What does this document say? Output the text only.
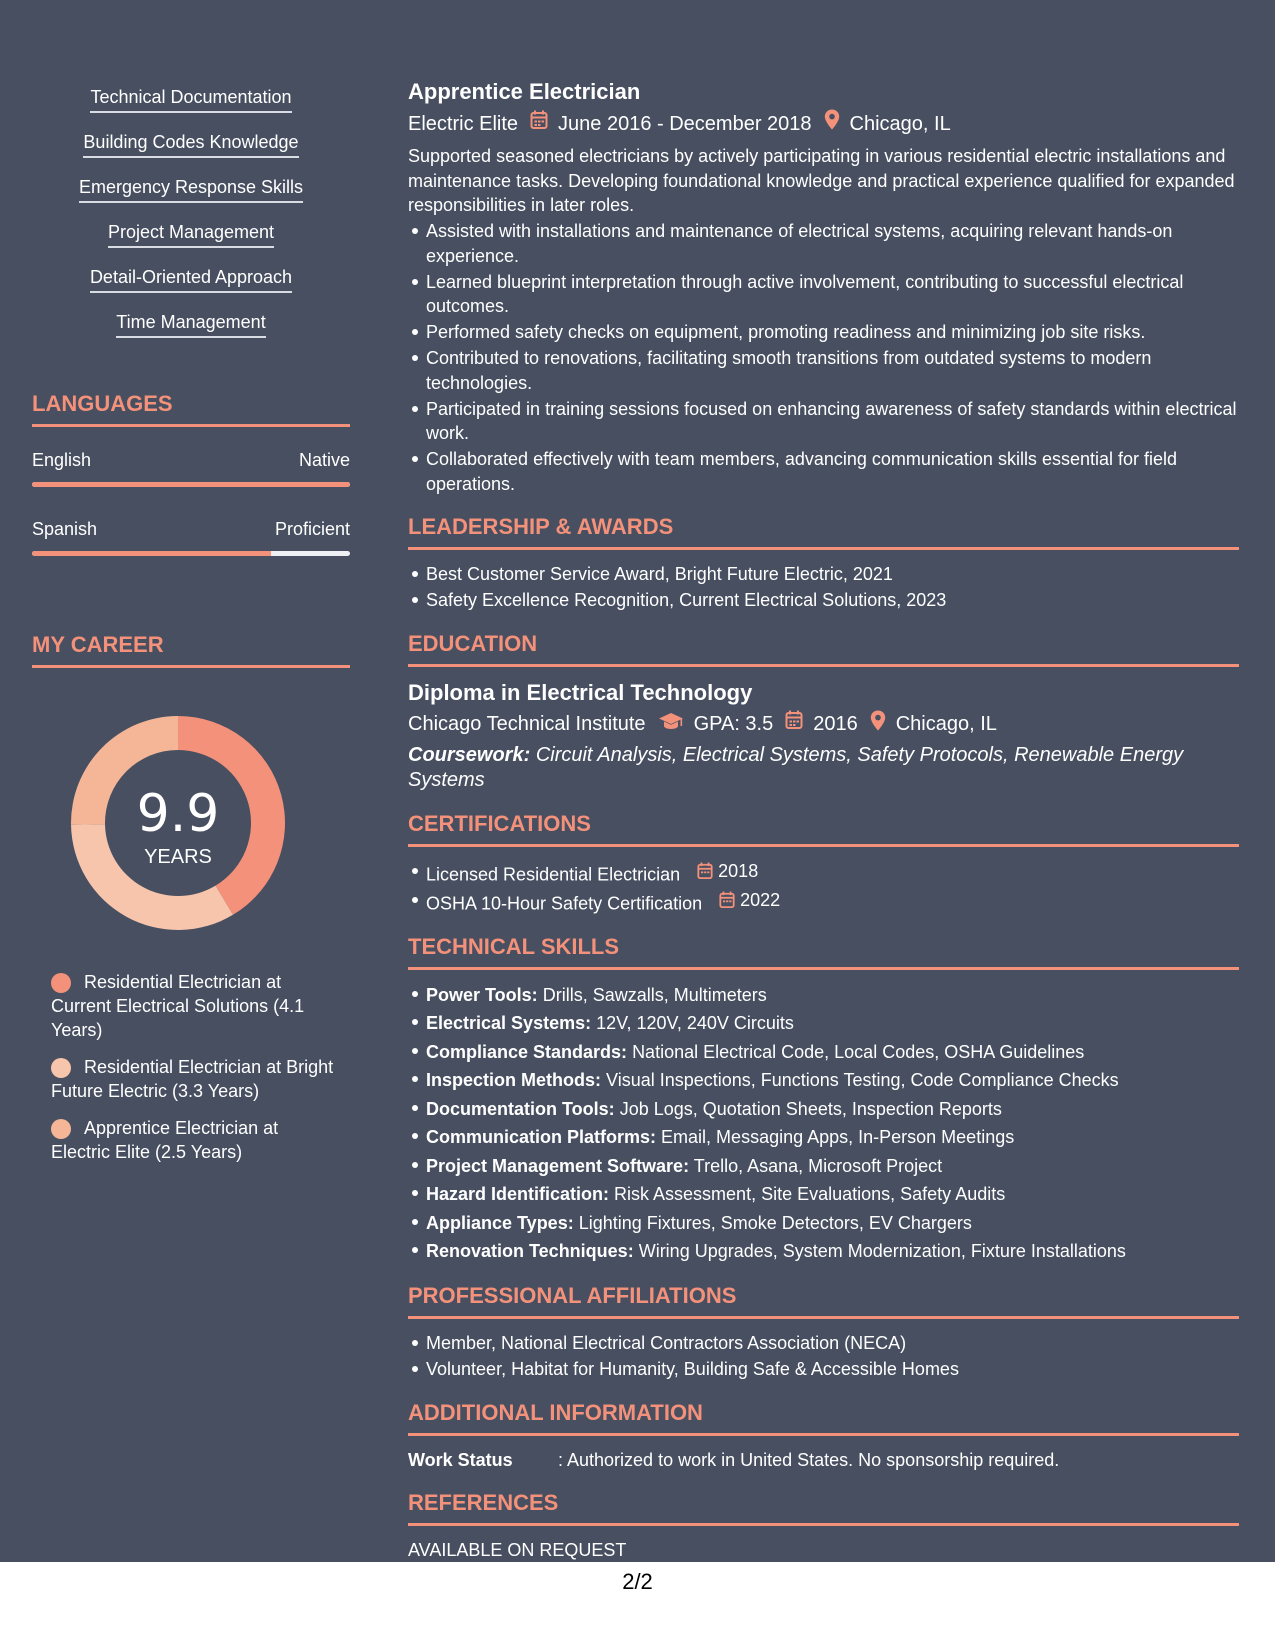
Technical Documentation
Building Codes Knowledge
Emergency Response Skills
Project Management
Detail-Oriented Approach
Time Management
LANGUAGES
English	Native
Spanish	Proficient
MY CAREER
9.9
YEARS
Residential Electrician at Current Electrical Solutions (4.1 Years)
Residential Electrician at Bright Future Electric (3.3 Years)
Apprentice Electrician at Electric Elite (2.5 Years)
Apprentice Electrician
Electric Elite June 2016 - December 2018 Chicago, IL
Supported seasoned electricians by actively participating in various residential electric installations and maintenance tasks. Developing foundational knowledge and practical experience qualified for expanded responsibilities in later roles.
Assisted with installations and maintenance of electrical systems, acquiring relevant hands-on experience.
Learned blueprint interpretation through active involvement, contributing to successful electrical outcomes.
Performed safety checks on equipment, promoting readiness and minimizing job site risks.
Contributed to renovations, facilitating smooth transitions from outdated systems to modern technologies.
Participated in training sessions focused on enhancing awareness of safety standards within electrical work.
Collaborated effectively with team members, advancing communication skills essential for field operations.
LEADERSHIP & AWARDS
Best Customer Service Award, Bright Future Electric, 2021
Safety Excellence Recognition, Current Electrical Solutions, 2023
EDUCATION
Diploma in Electrical Technology
Chicago Technical Institute GPA: 3.5 2016 Chicago, IL
Coursework: Circuit Analysis, Electrical Systems, Safety Protocols, Renewable Energy Systems
CERTIFICATIONS
Licensed Residential Electrician 2018
OSHA 10-Hour Safety Certification 2022
TECHNICAL SKILLS
Power Tools: Drills, Sawzalls, Multimeters
Electrical Systems: 12V, 120V, 240V Circuits
Compliance Standards: National Electrical Code, Local Codes, OSHA Guidelines
Inspection Methods: Visual Inspections, Functions Testing, Code Compliance Checks
Documentation Tools: Job Logs, Quotation Sheets, Inspection Reports
Communication Platforms: Email, Messaging Apps, In-Person Meetings
Project Management Software: Trello, Asana, Microsoft Project
Hazard Identification: Risk Assessment, Site Evaluations, Safety Audits
Appliance Types: Lighting Fixtures, Smoke Detectors, EV Chargers
Renovation Techniques: Wiring Upgrades, System Modernization, Fixture Installations
PROFESSIONAL AFFILIATIONS
Member, National Electrical Contractors Association (NECA)
Volunteer, Habitat for Humanity, Building Safe & Accessible Homes
ADDITIONAL INFORMATION
Work Status	: Authorized to work in United States. No sponsorship required.
REFERENCES
AVAILABLE ON REQUEST
2/2
